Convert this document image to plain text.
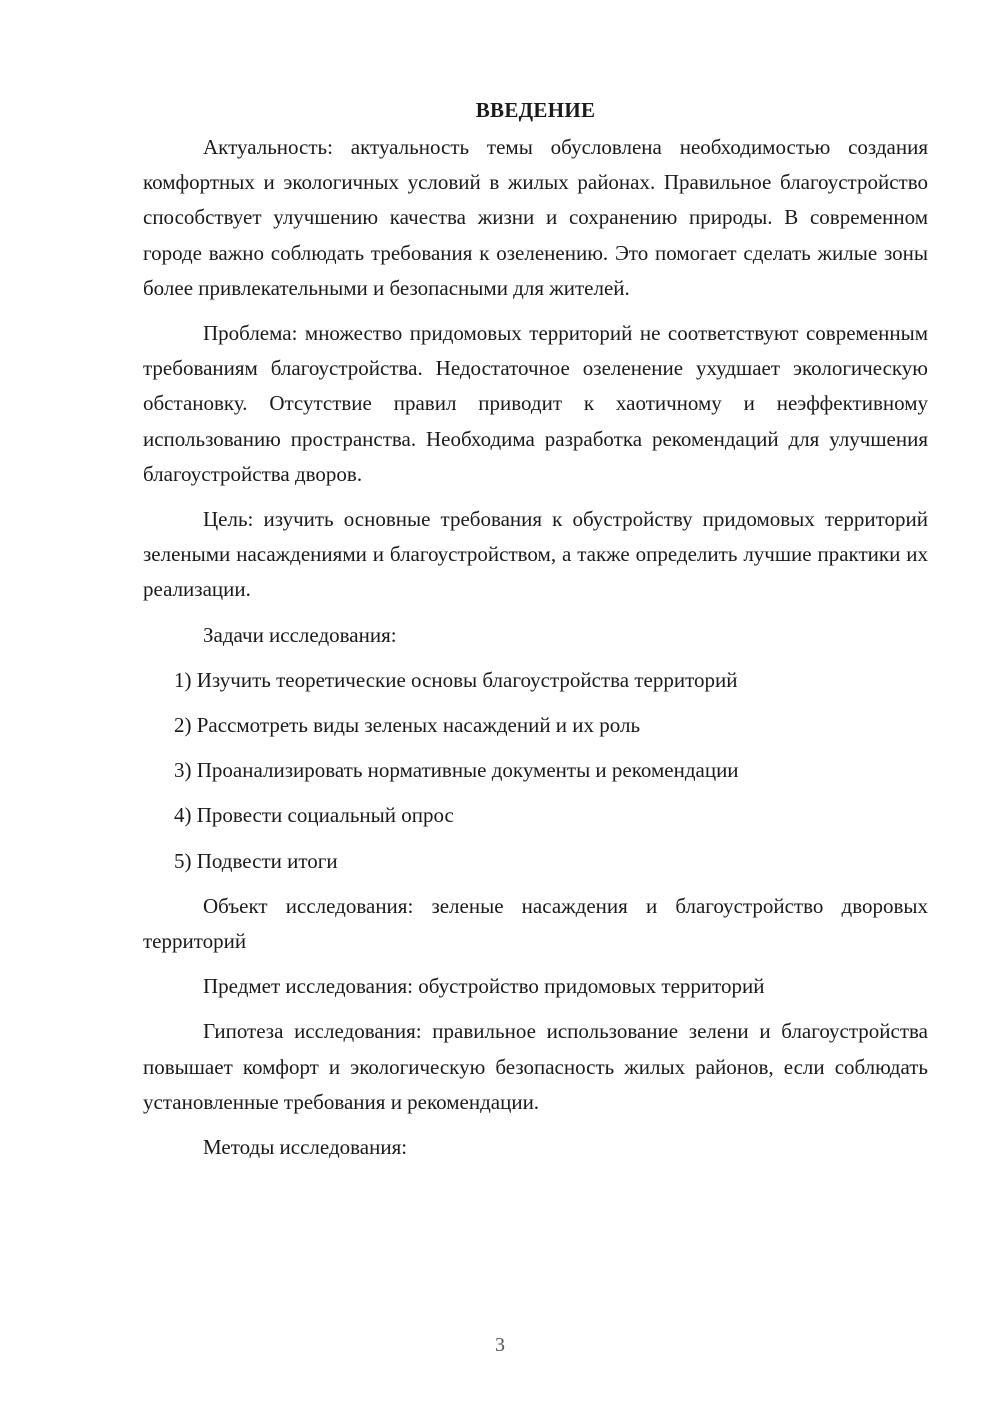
ВВЕДЕНИЕ

Актуальность: актуальность темы обусловлена необходимостью создания комфортных и экологичных условий в жилых районах. Правильное благоустройство способствует улучшению качества жизни и сохранению природы. В современном городе важно соблюдать требования к озеленению. Это помогает сделать жилые зоны более привлекательными и безопасными для жителей.

Проблема: множество придомовых территорий не соответствуют современным требованиям благоустройства. Недостаточное озеленение ухудшает экологическую обстановку. Отсутствие правил приводит к хаотичному и неэффективному использованию пространства. Необходима разработка рекомендаций для улучшения благоустройства дворов.

Цель: изучить основные требования к обустройству придомовых территорий зелеными насаждениями и благоустройством, а также определить лучшие практики их реализации.

Задачи исследования:

1) Изучить теоретические основы благоустройства территорий
2) Рассмотреть виды зеленых насаждений и их роль
3) Проанализировать нормативные документы и рекомендации
4) Провести социальный опрос
5) Подвести итоги

Объект исследования: зеленые насаждения и благоустройство дворовых территорий

Предмет исследования: обустройство придомовых территорий

Гипотеза исследования: правильное использование зелени и благоустройства повышает комфорт и экологическую безопасность жилых районов, если соблюдать установленные требования и рекомендации.

Методы исследования:

3
